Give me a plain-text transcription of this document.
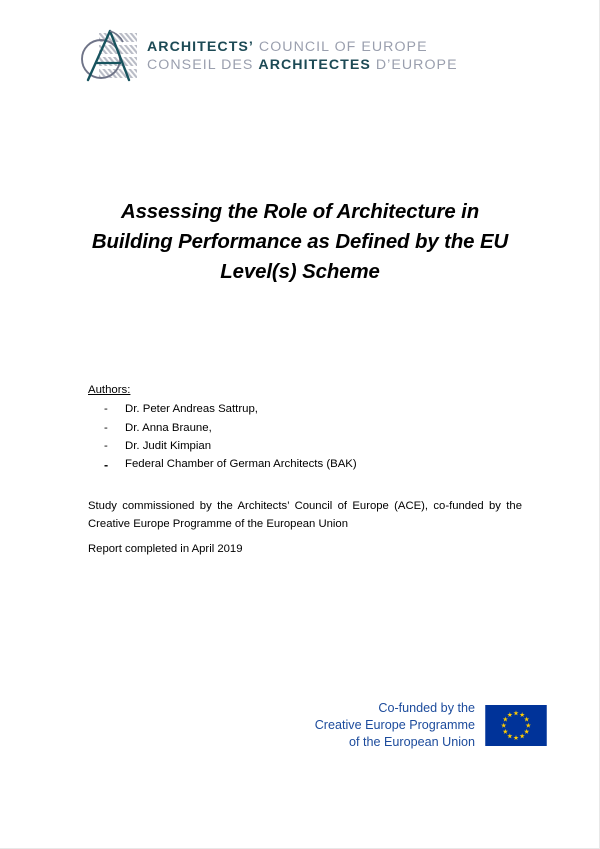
ARCHITECTS’ COUNCIL OF EUROPE
CONSEIL DES ARCHITECTES D’EUROPE
Assessing the Role of Architecture in Building Performance as Defined by the EU Level(s) Scheme
Authors:
-	Dr. Peter Andreas Sattrup,
-	Dr. Anna Braune,
-	Dr. Judit Kimpian
-	Federal Chamber of German Architects (BAK)

Study commissioned by the Architects’ Council of Europe (ACE), co-funded by the Creative Europe Programme of the European Union

Report completed in April 2019

Co-funded by the
Creative Europe Programme
of the European Union
